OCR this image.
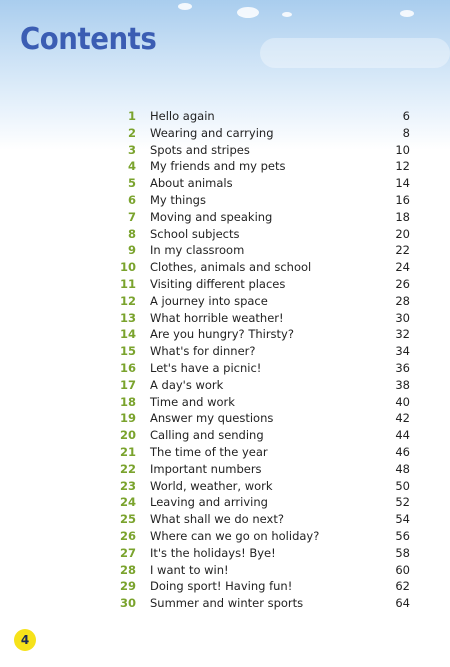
Contents
1 Hello again	6
2 Wearing and carrying	8
3 Spots and stripes	10
4 My friends and my pets	12
5 About animals	14
6 My things	16
7 Moving and speaking	18
8 School subjects	20
9 In my classroom	22
10 Clothes, animals and school	24
11 Visiting different places	26
12 A journey into space	28
13 What horrible weather!	30
14 Are you hungry? Thirsty?	32
15 What's for dinner?	34
16 Let's have a picnic!	36
17 A day's work	38
18 Time and work	40
19 Answer my questions	42
20 Calling and sending	44
21 The time of the year	46
22 Important numbers	48
23 World, weather, work	50
24 Leaving and arriving	52
25 What shall we do next?	54
26 Where can we go on holiday?	56
27 It's the holidays! Bye!	58
28 I want to win!	60
29 Doing sport! Having fun!	62
30 Summer and winter sports	64
4
